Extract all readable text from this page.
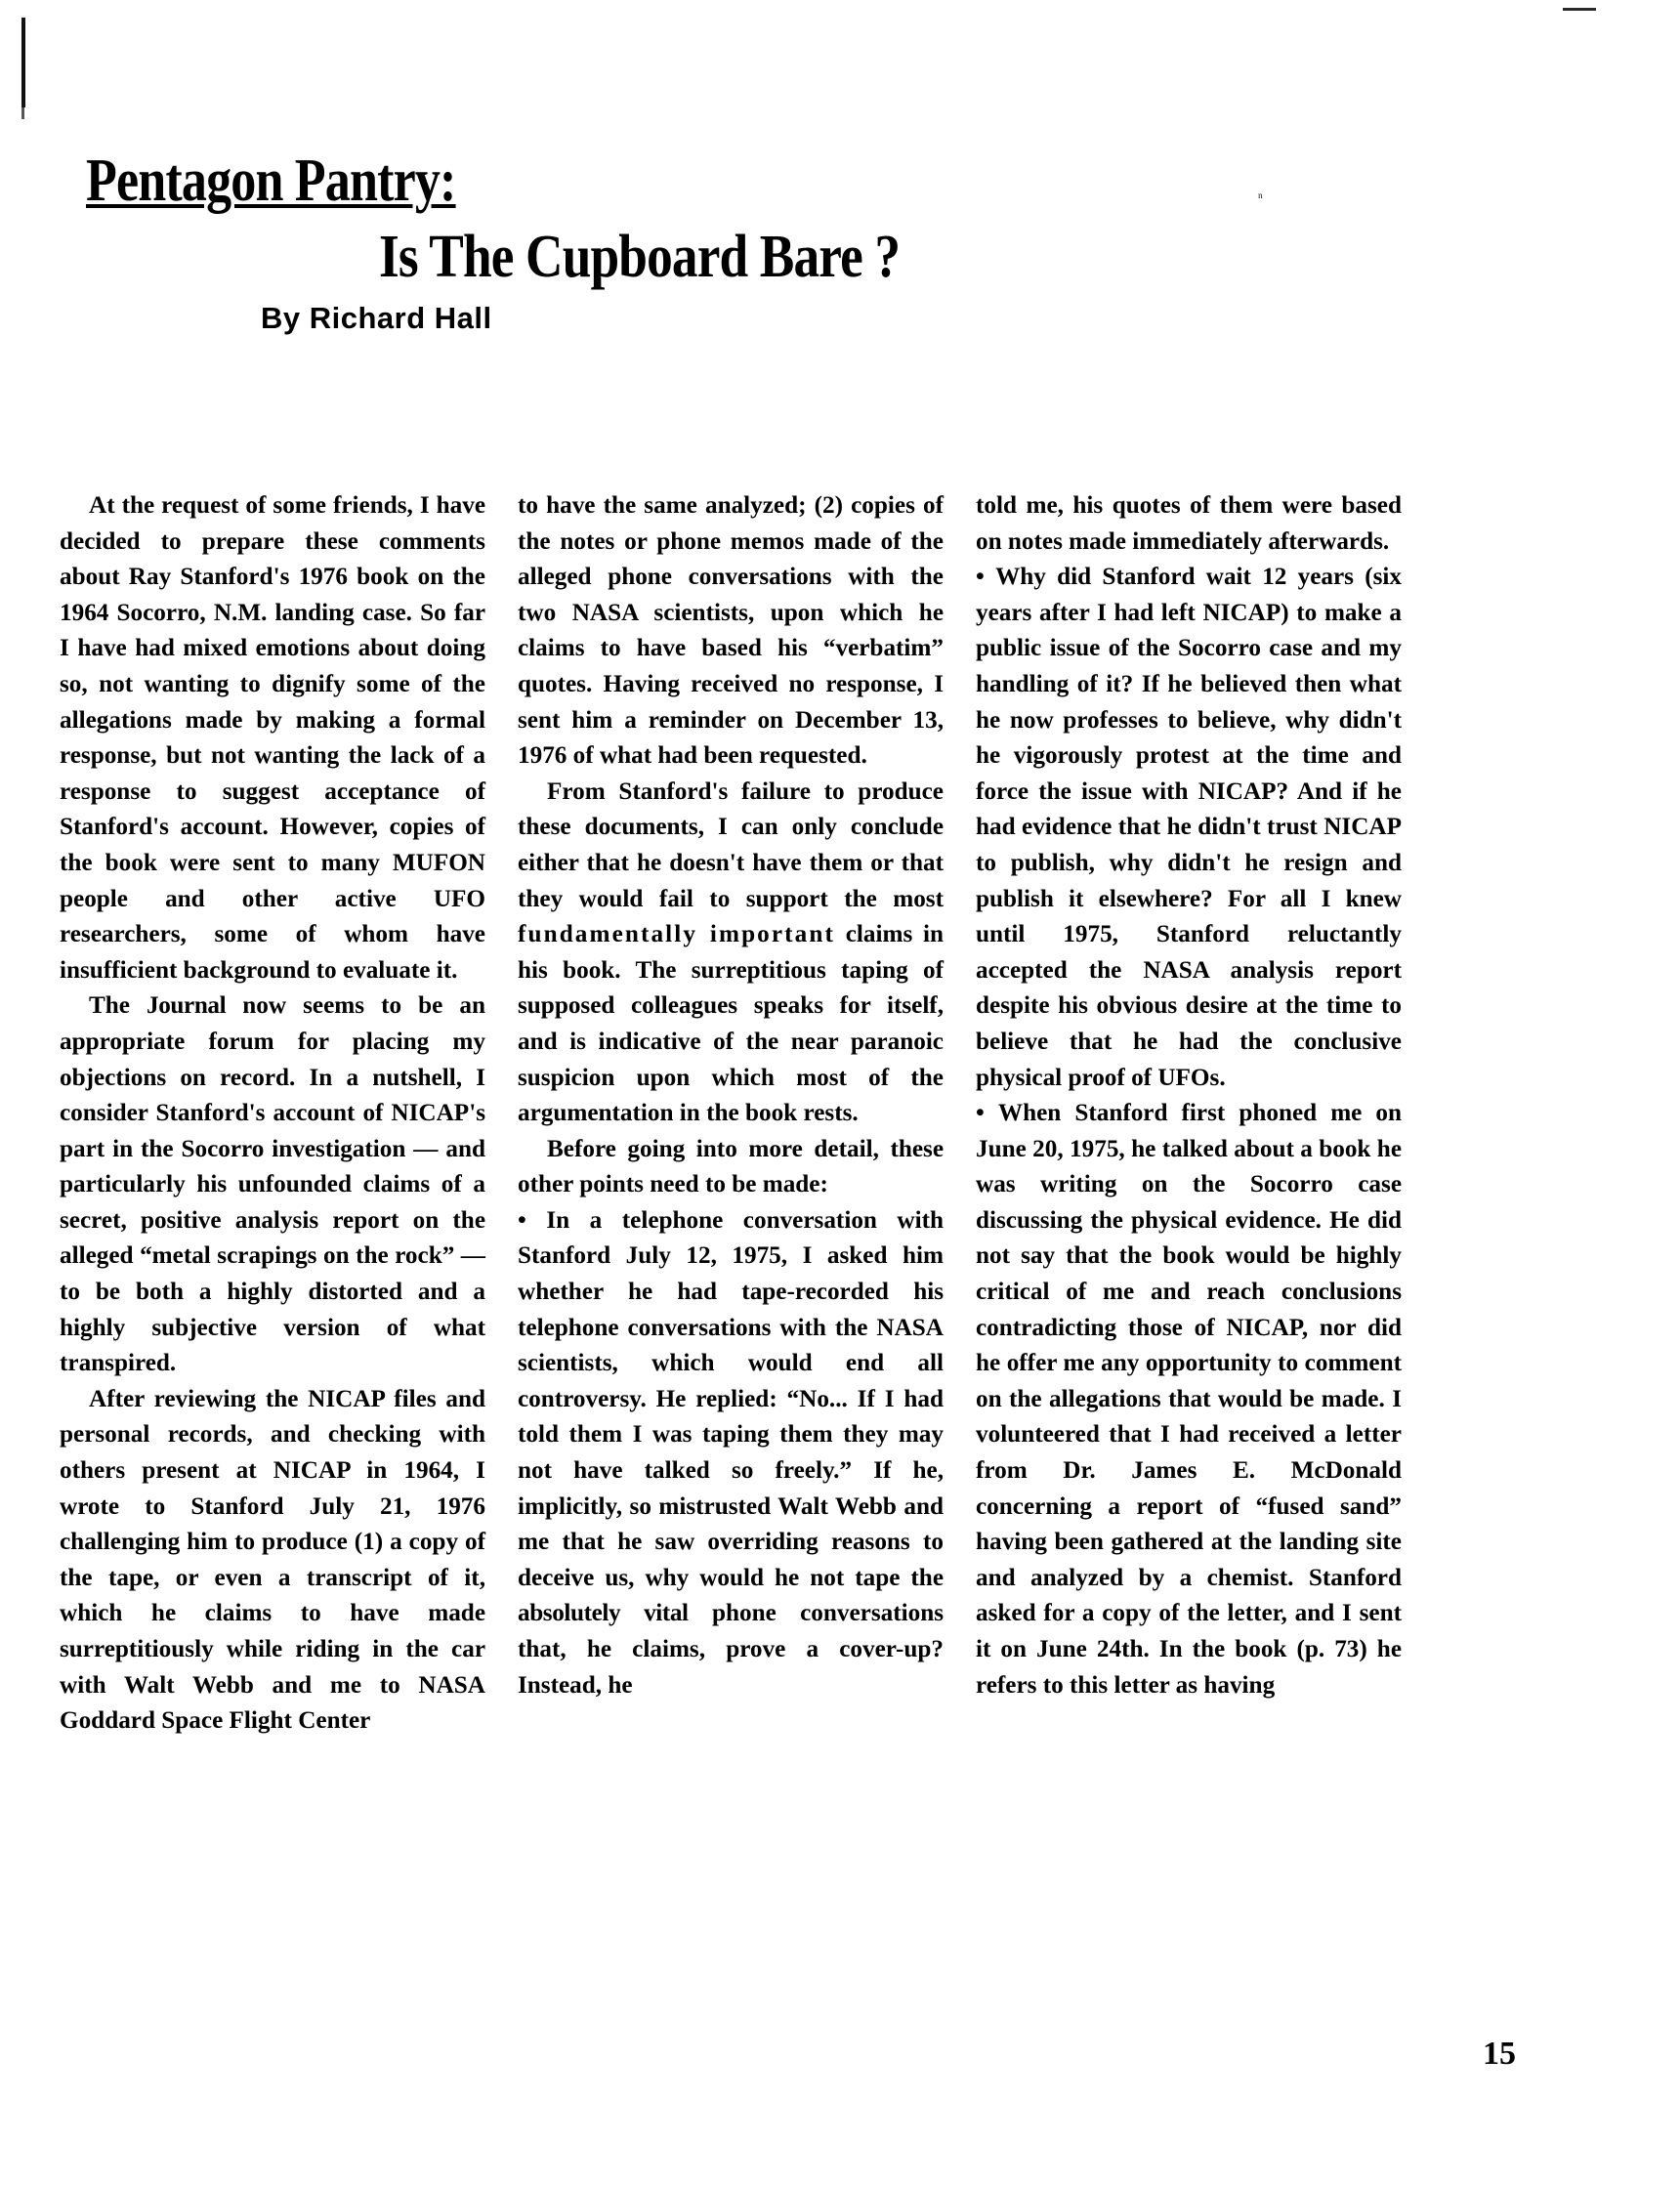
ⁿ
Pentagon Pantry:
Is The Cupboard Bare ?
By Richard Hall

At the request of some friends, I have decided to prepare these comments about Ray Stanford's 1976 book on the 1964 Socorro, N.M. landing case. So far I have had mixed emotions about doing so, not wanting to dignify some of the allegations made by making a formal response, but not wanting the lack of a response to suggest acceptance of Stanford's account. However, copies of the book were sent to many MUFON people and other active UFO researchers, some of whom have insufficient background to evaluate it.

The Journal now seems to be an appropriate forum for placing my objections on record. In a nutshell, I consider Stanford's account of NICAP's part in the Socorro investigation — and particularly his unfounded claims of a secret, positive analysis report on the alleged “metal scrapings on the rock” — to be both a highly distorted and a highly subjective version of what transpired.

After reviewing the NICAP files and personal records, and checking with others present at NICAP in 1964, I wrote to Stanford July 21, 1976 challenging him to produce (1) a copy of the tape, or even a transcript of it, which he claims to have made surreptitiously while riding in the car with Walt Webb and me to NASA Goddard Space Flight Center

to have the same analyzed; (2) copies of the notes or phone memos made of the alleged phone conversations with the two NASA scientists, upon which he claims to have based his “verbatim” quotes. Having received no response, I sent him a reminder on December 13, 1976 of what had been requested.

From Stanford's failure to produce these documents, I can only conclude either that he doesn't have them or that they would fail to support the most fundamentally important claims in his book. The surreptitious taping of supposed colleagues speaks for itself, and is indicative of the near paranoic suspicion upon which most of the argumentation in the book rests.

Before going into more detail, these other points need to be made:

• In a telephone conversation with Stanford July 12, 1975, I asked him whether he had tape-recorded his telephone conversations with the NASA scientists, which would end all controversy. He replied: “No... If I had told them I was taping them they may not have talked so freely.” If he, implicitly, so mistrusted Walt Webb and me that he saw overriding reasons to deceive us, why would he not tape the absolutely vital phone conversations that, he claims, prove a cover-up? Instead, he

told me, his quotes of them were based on notes made immediately afterwards.

• Why did Stanford wait 12 years (six years after I had left NICAP) to make a public issue of the Socorro case and my handling of it? If he believed then what he now professes to believe, why didn't he vigorously protest at the time and force the issue with NICAP? And if he had evidence that he didn't trust NICAP to publish, why didn't he resign and publish it elsewhere? For all I knew until 1975, Stanford reluctantly accepted the NASA analysis report despite his obvious desire at the time to believe that he had the conclusive physical proof of UFOs.

• When Stanford first phoned me on June 20, 1975, he talked about a book he was writing on the Socorro case discussing the physical evidence. He did not say that the book would be highly critical of me and reach conclusions contradicting those of NICAP, nor did he offer me any opportunity to comment on the allegations that would be made. I volunteered that I had received a letter from Dr. James E. McDonald concerning a report of “fused sand” having been gathered at the landing site and analyzed by a chemist. Stanford asked for a copy of the letter, and I sent it on June 24th. In the book (p. 73) he refers to this letter as having

15
